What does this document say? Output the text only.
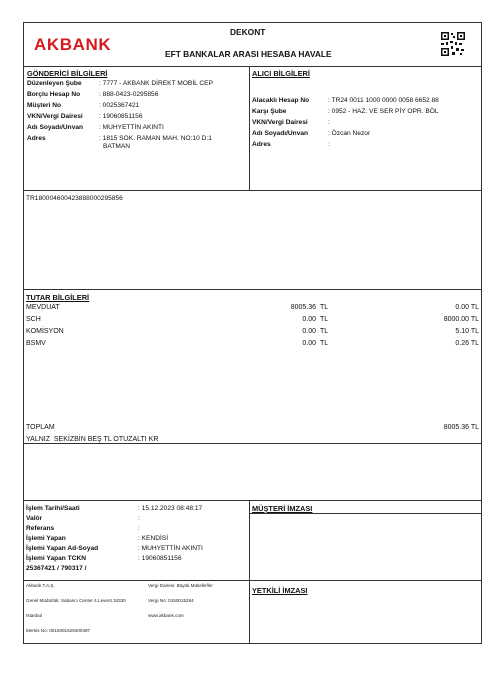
AKBANK
DEKONT
EFT BANKALAR ARASI HESABA HAVALE
GÖNDERİCİ BİLGİLERİ
Düzenleyen Şube	: 7777 - AKBANK DİREKT MOBİL CEP
Borçlu Hesap No	: 888-0423-0295856
Müşteri No	: 0025367421
VKN/Vergi Dairesi : 19060851156
Adı Soyadı/Unvan : MUHYETTİN AKINTI
Adres	: 1815 SOK. RAMAN MAH. NO:10 D:1
BATMAN
ALICI BİLGİLERİ
Alacaklı Hesap No	: TR24 0011 1000 0000 0058 6652 88
Karşı Şube	: 0952 - HAZ. VE SER PİY OPR. BÖL
VKN/Vergi Dairesi	:
Adı Soyadı/Unvan	: Özcan Nezor
Adres	:
TR180004600423888000295856
TUTAR BİLGİLERİ
MEVDUAT	8005.36 TL	0.00 TL
SCH	0.00 TL	8000.00 TL
KOMİSYON	0.00 TL	5.10 TL
BSMV	0.00 TL	0.26 TL
TOPLAM	8005.36 TL
YALNIZ  SEKİZBİN BEŞ TL OTUZALTI KR
İşlem Tarihi/Saati	: 15.12.2023 08:48:17
Valör	:
Referans	:
İşlemi Yapan	: KENDİSİ
İşlemi Yapan Ad-Soyad	: MUHYETTİN AKINTI
İşlemi Yapan TCKN	: 19060851156
25367421 / 790317 /
MÜŞTERİ İMZASI
YETKİLİ İMZASI
Akbank T.A.Ş.
Genel Müdürlük: Sabancı Center 4.Levent 34330
İstanbul
Mersis No: 0015001526400497
Vergi Dairesi: Büyük Mükellefler
Vergi No: 0150015264
www.akbank.com
